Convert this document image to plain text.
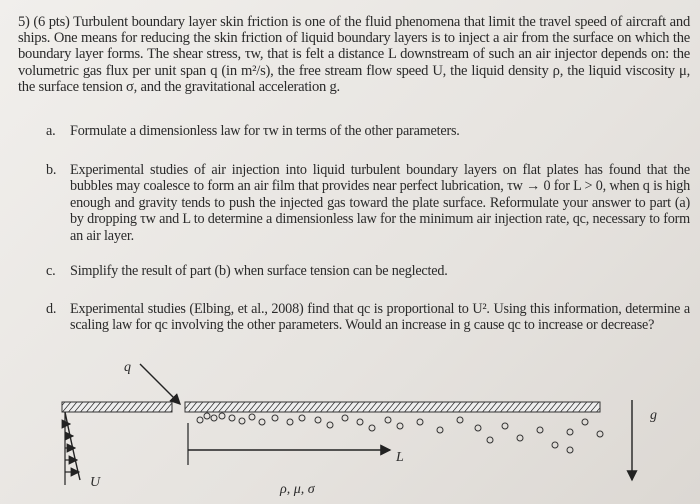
5) (6 pts) Turbulent boundary layer skin friction is one of the fluid phenomena that limit the travel speed of aircraft and ships. One means for reducing the skin friction of liquid boundary layers is to inject a air from the surface on which the boundary layer forms. The shear stress, τw, that is felt a distance L downstream of such an air injector depends on: the volumetric gas flux per unit span q (in m²/s), the free stream flow speed U, the liquid density ρ, the liquid viscosity μ, the surface tension σ, and the gravitational acceleration g.
a. Formulate a dimensionless law for τw in terms of the other parameters.
b. Experimental studies of air injection into liquid turbulent boundary layers on flat plates has found that the bubbles may coalesce to form an air film that provides near perfect lubrication, τw → 0 for L > 0, when q is high enough and gravity tends to push the injected gas toward the plate surface. Reformulate your answer to part (a) by dropping τw and L to determine a dimensionless law for the minimum air injection rate, qc, necessary to form an air layer.
c. Simplify the result of part (b) when surface tension can be neglected.
d. Experimental studies (Elbing, et al., 2008) find that qc is proportional to U². Using this information, determine a scaling law for qc involving the other parameters. Would an increase in g cause qc to increase or decrease?
q
g
L
U	ρ, μ, σ
